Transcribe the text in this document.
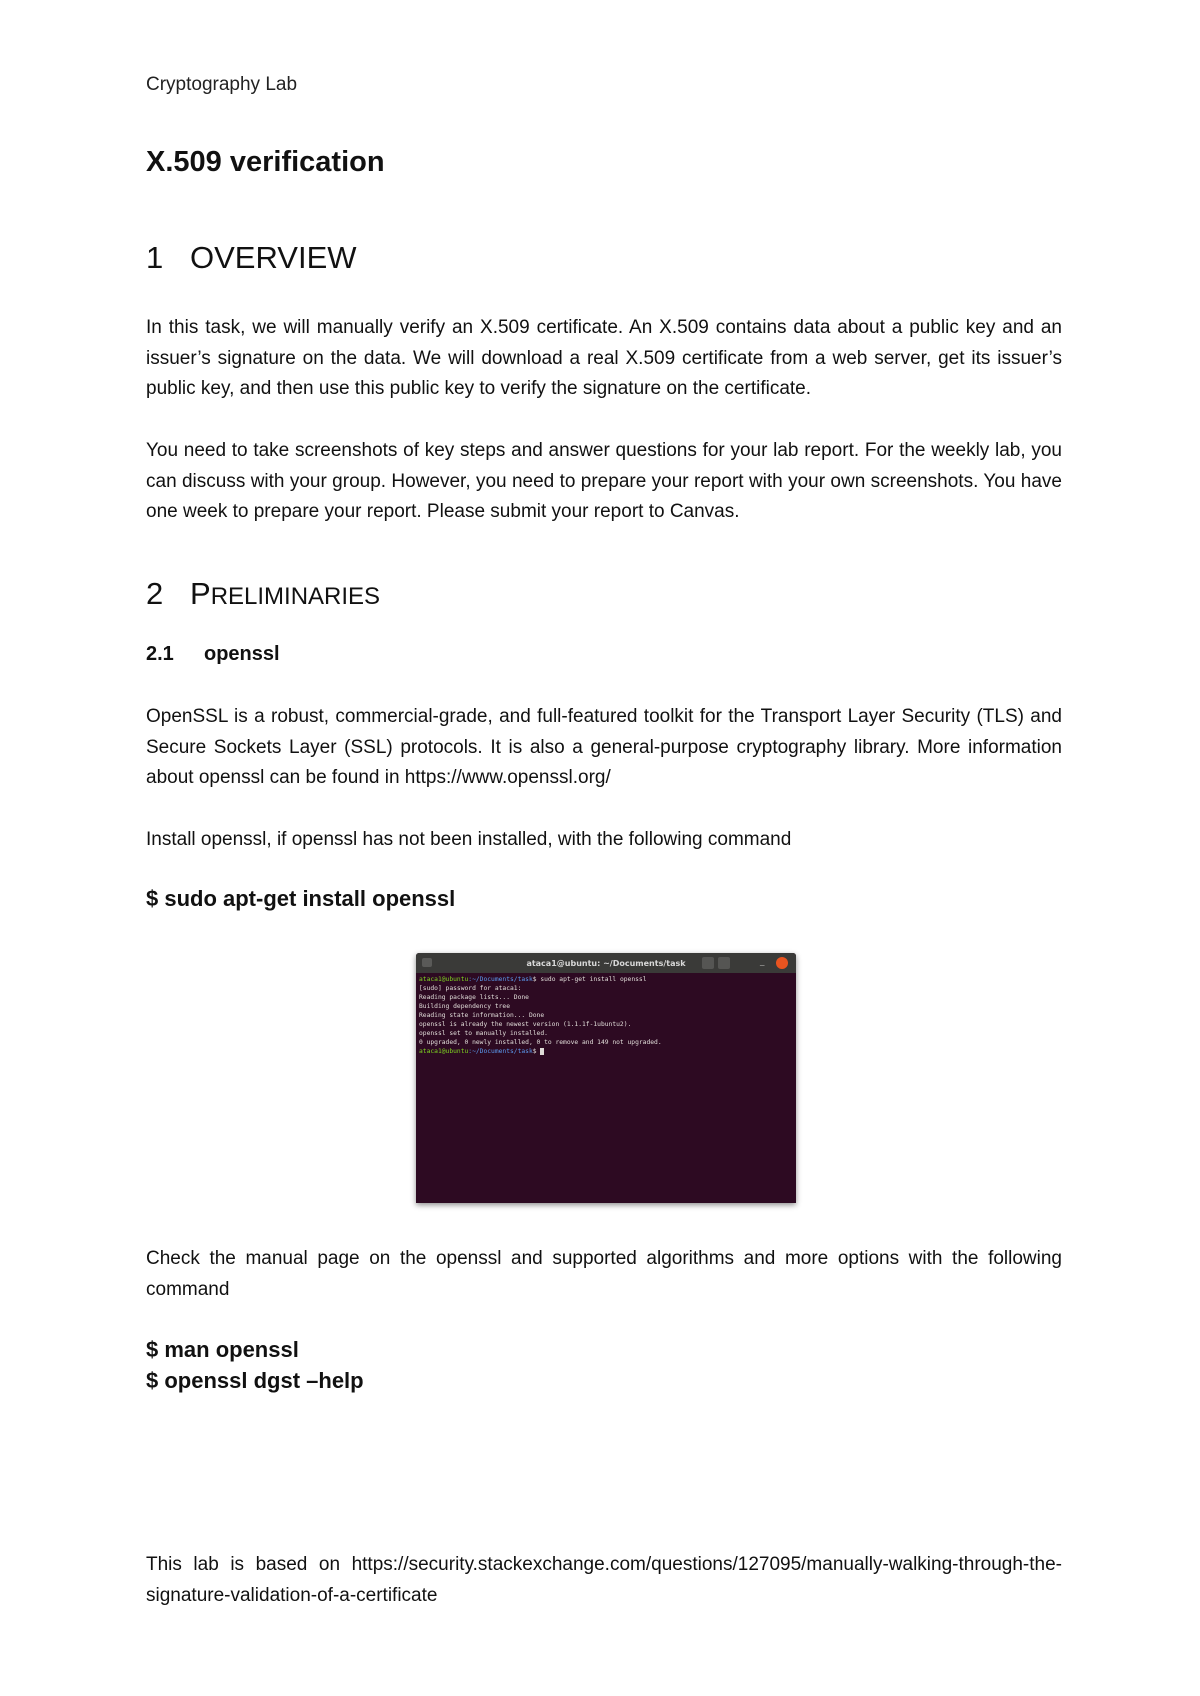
Cryptography Lab
X.509 verification
1 OVERVIEW
In this task, we will manually verify an X.509 certificate. An X.509 contains data about a public key and an issuer’s signature on the data. We will download a real X.509 certificate from a web server, get its issuer’s public key, and then use this public key to verify the signature on the certificate.
You need to take screenshots of key steps and answer questions for your lab report. For the weekly lab, you can discuss with your group. However, you need to prepare your report with your own screenshots. You have one week to prepare your report. Please submit your report to Canvas.
2 P RELIMINARIES
2.1	openssl
OpenSSL is a robust, commercial-grade, and full-featured toolkit for the Transport Layer Security (TLS) and Secure Sockets Layer (SSL) protocols. It is also a general-purpose cryptography library. More information about openssl can be found in https://www.openssl.org/
Install openssl, if openssl has not been installed, with the following command
$ sudo apt-get install openssl
ataca1@ubuntu: ~/Documents/task	_
ataca1@ubuntu:~/Documents/task$ sudo apt-get install openssl
[sudo] password for ataca1:
Reading package lists... Done
Building dependency tree
Reading state information... Done
openssl is already the newest version (1.1.1f-1ubuntu2).
openssl set to manually installed.
0 upgraded, 0 newly installed, 0 to remove and 149 not upgraded.
ataca1@ubuntu:~/Documents/task$
Check the manual page on the openssl and supported algorithms and more options with the following command
$ man openssl
$ openssl dgst –help
This lab is based on https://security.stackexchange.com/questions/127095/manually-walking-through-the-signature-validation-of-a-certificate
